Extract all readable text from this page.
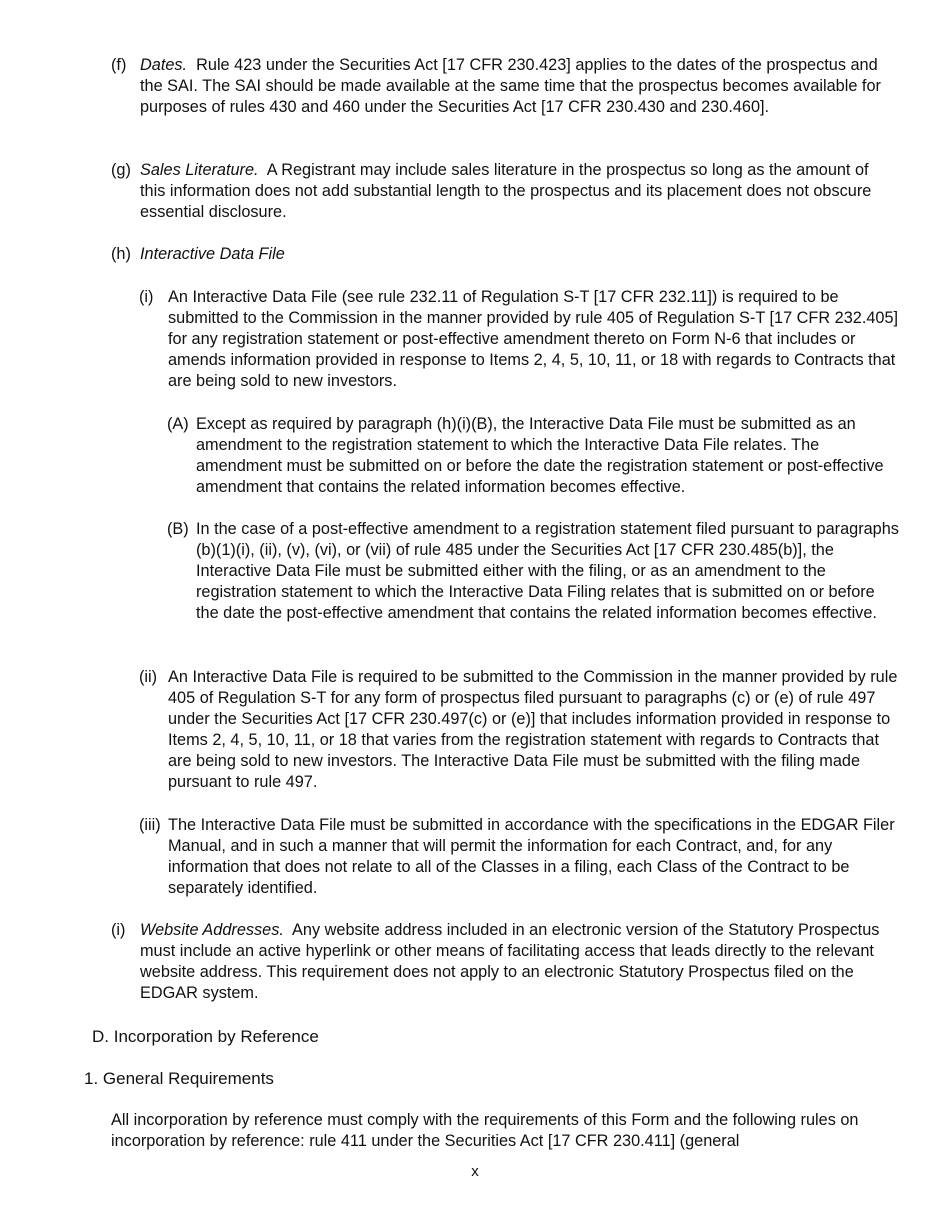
(f) Dates. Rule 423 under the Securities Act [17 CFR 230.423] applies to the dates of the prospectus and the SAI. The SAI should be made available at the same time that the prospectus becomes available for purposes of rules 430 and 460 under the Securities Act [17 CFR 230.430 and 230.460].
(g) Sales Literature. A Registrant may include sales literature in the prospectus so long as the amount of this information does not add substantial length to the prospectus and its placement does not obscure essential disclosure.
(h) Interactive Data File
(i) An Interactive Data File (see rule 232.11 of Regulation S-T [17 CFR 232.11]) is required to be submitted to the Commission in the manner provided by rule 405 of Regulation S-T [17 CFR 232.405] for any registration statement or post-effective amendment thereto on Form N-6 that includes or amends information provided in response to Items 2, 4, 5, 10, 11, or 18 with regards to Contracts that are being sold to new investors.
(A) Except as required by paragraph (h)(i)(B), the Interactive Data File must be submitted as an amendment to the registration statement to which the Interactive Data File relates. The amendment must be submitted on or before the date the registration statement or post-effective amendment that contains the related information becomes effective.
(B) In the case of a post-effective amendment to a registration statement filed pursuant to paragraphs (b)(1)(i), (ii), (v), (vi), or (vii) of rule 485 under the Securities Act [17 CFR 230.485(b)], the Interactive Data File must be submitted either with the filing, or as an amendment to the registration statement to which the Interactive Data Filing relates that is submitted on or before the date the post-effective amendment that contains the related information becomes effective.
(ii) An Interactive Data File is required to be submitted to the Commission in the manner provided by rule 405 of Regulation S-T for any form of prospectus filed pursuant to paragraphs (c) or (e) of rule 497 under the Securities Act [17 CFR 230.497(c) or (e)] that includes information provided in response to Items 2, 4, 5, 10, 11, or 18 that varies from the registration statement with regards to Contracts that are being sold to new investors. The Interactive Data File must be submitted with the filing made pursuant to rule 497.
(iii) The Interactive Data File must be submitted in accordance with the specifications in the EDGAR Filer Manual, and in such a manner that will permit the information for each Contract, and, for any information that does not relate to all of the Classes in a filing, each Class of the Contract to be separately identified.
(i) Website Addresses. Any website address included in an electronic version of the Statutory Prospectus must include an active hyperlink or other means of facilitating access that leads directly to the relevant website address. This requirement does not apply to an electronic Statutory Prospectus filed on the EDGAR system.
D. Incorporation by Reference
1. General Requirements
All incorporation by reference must comply with the requirements of this Form and the following rules on incorporation by reference: rule 411 under the Securities Act [17 CFR 230.411] (general
x
